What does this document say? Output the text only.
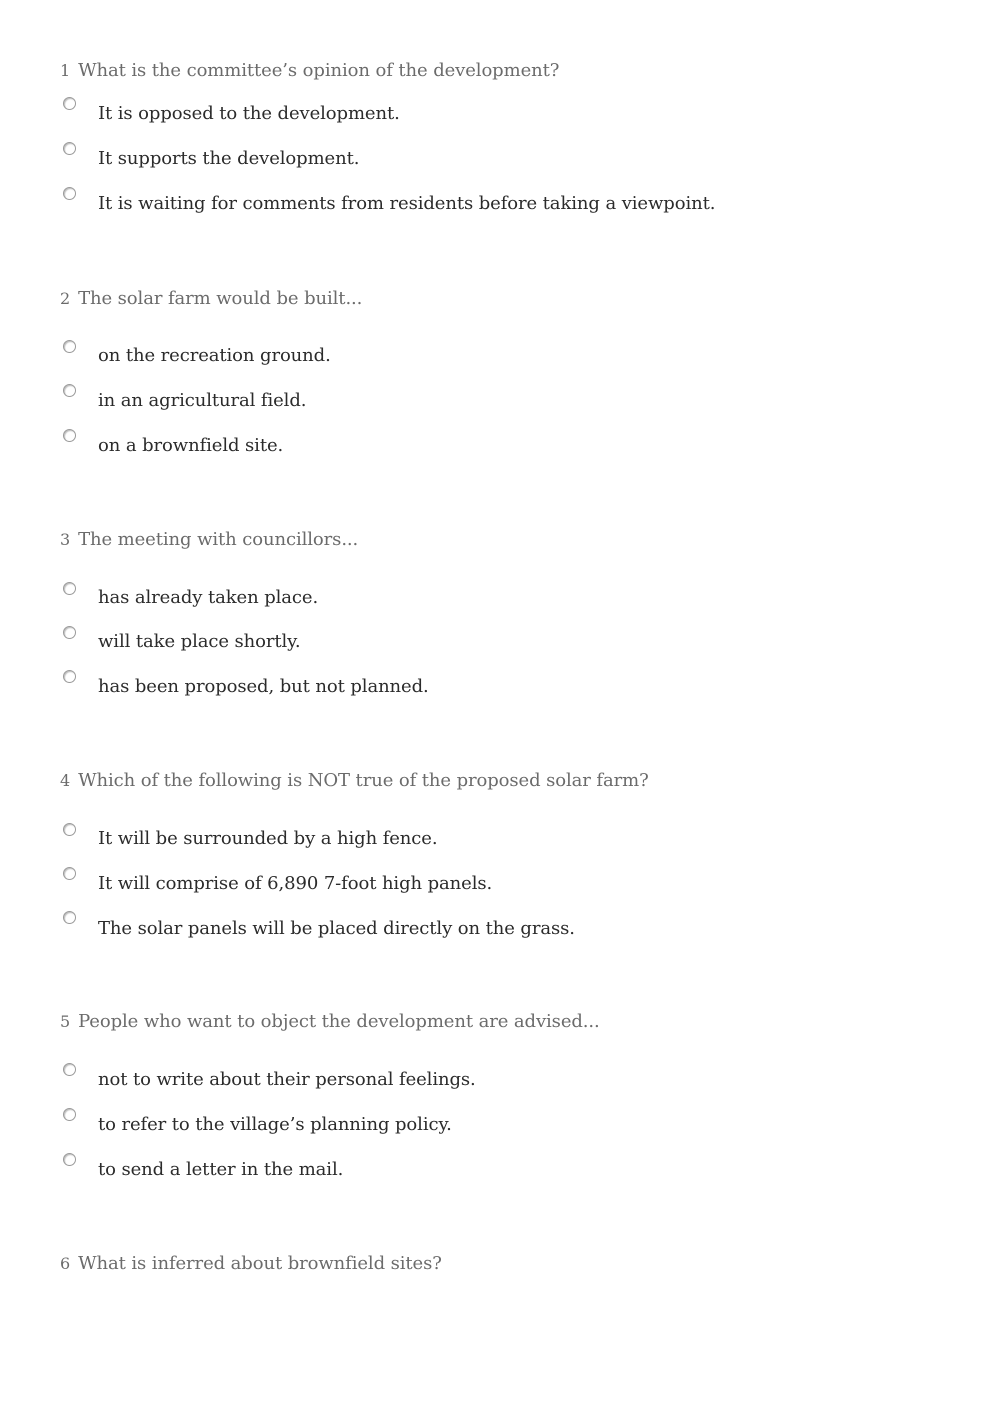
1 What is the committee’s opinion of the development?
It is opposed to the development.
It supports the development.
It is waiting for comments from residents before taking a viewpoint.
2 The solar farm would be built...
on the recreation ground.
in an agricultural field.
on a brownfield site.
3 The meeting with councillors...
has already taken place.
will take place shortly.
has been proposed, but not planned.
4 Which of the following is NOT true of the proposed solar farm?
It will be surrounded by a high fence.
It will comprise of 6,890 7-foot high panels.
The solar panels will be placed directly on the grass.
5 People who want to object the development are advised...
not to write about their personal feelings.
to refer to the village’s planning policy.
to send a letter in the mail.
6 What is inferred about brownfield sites?
